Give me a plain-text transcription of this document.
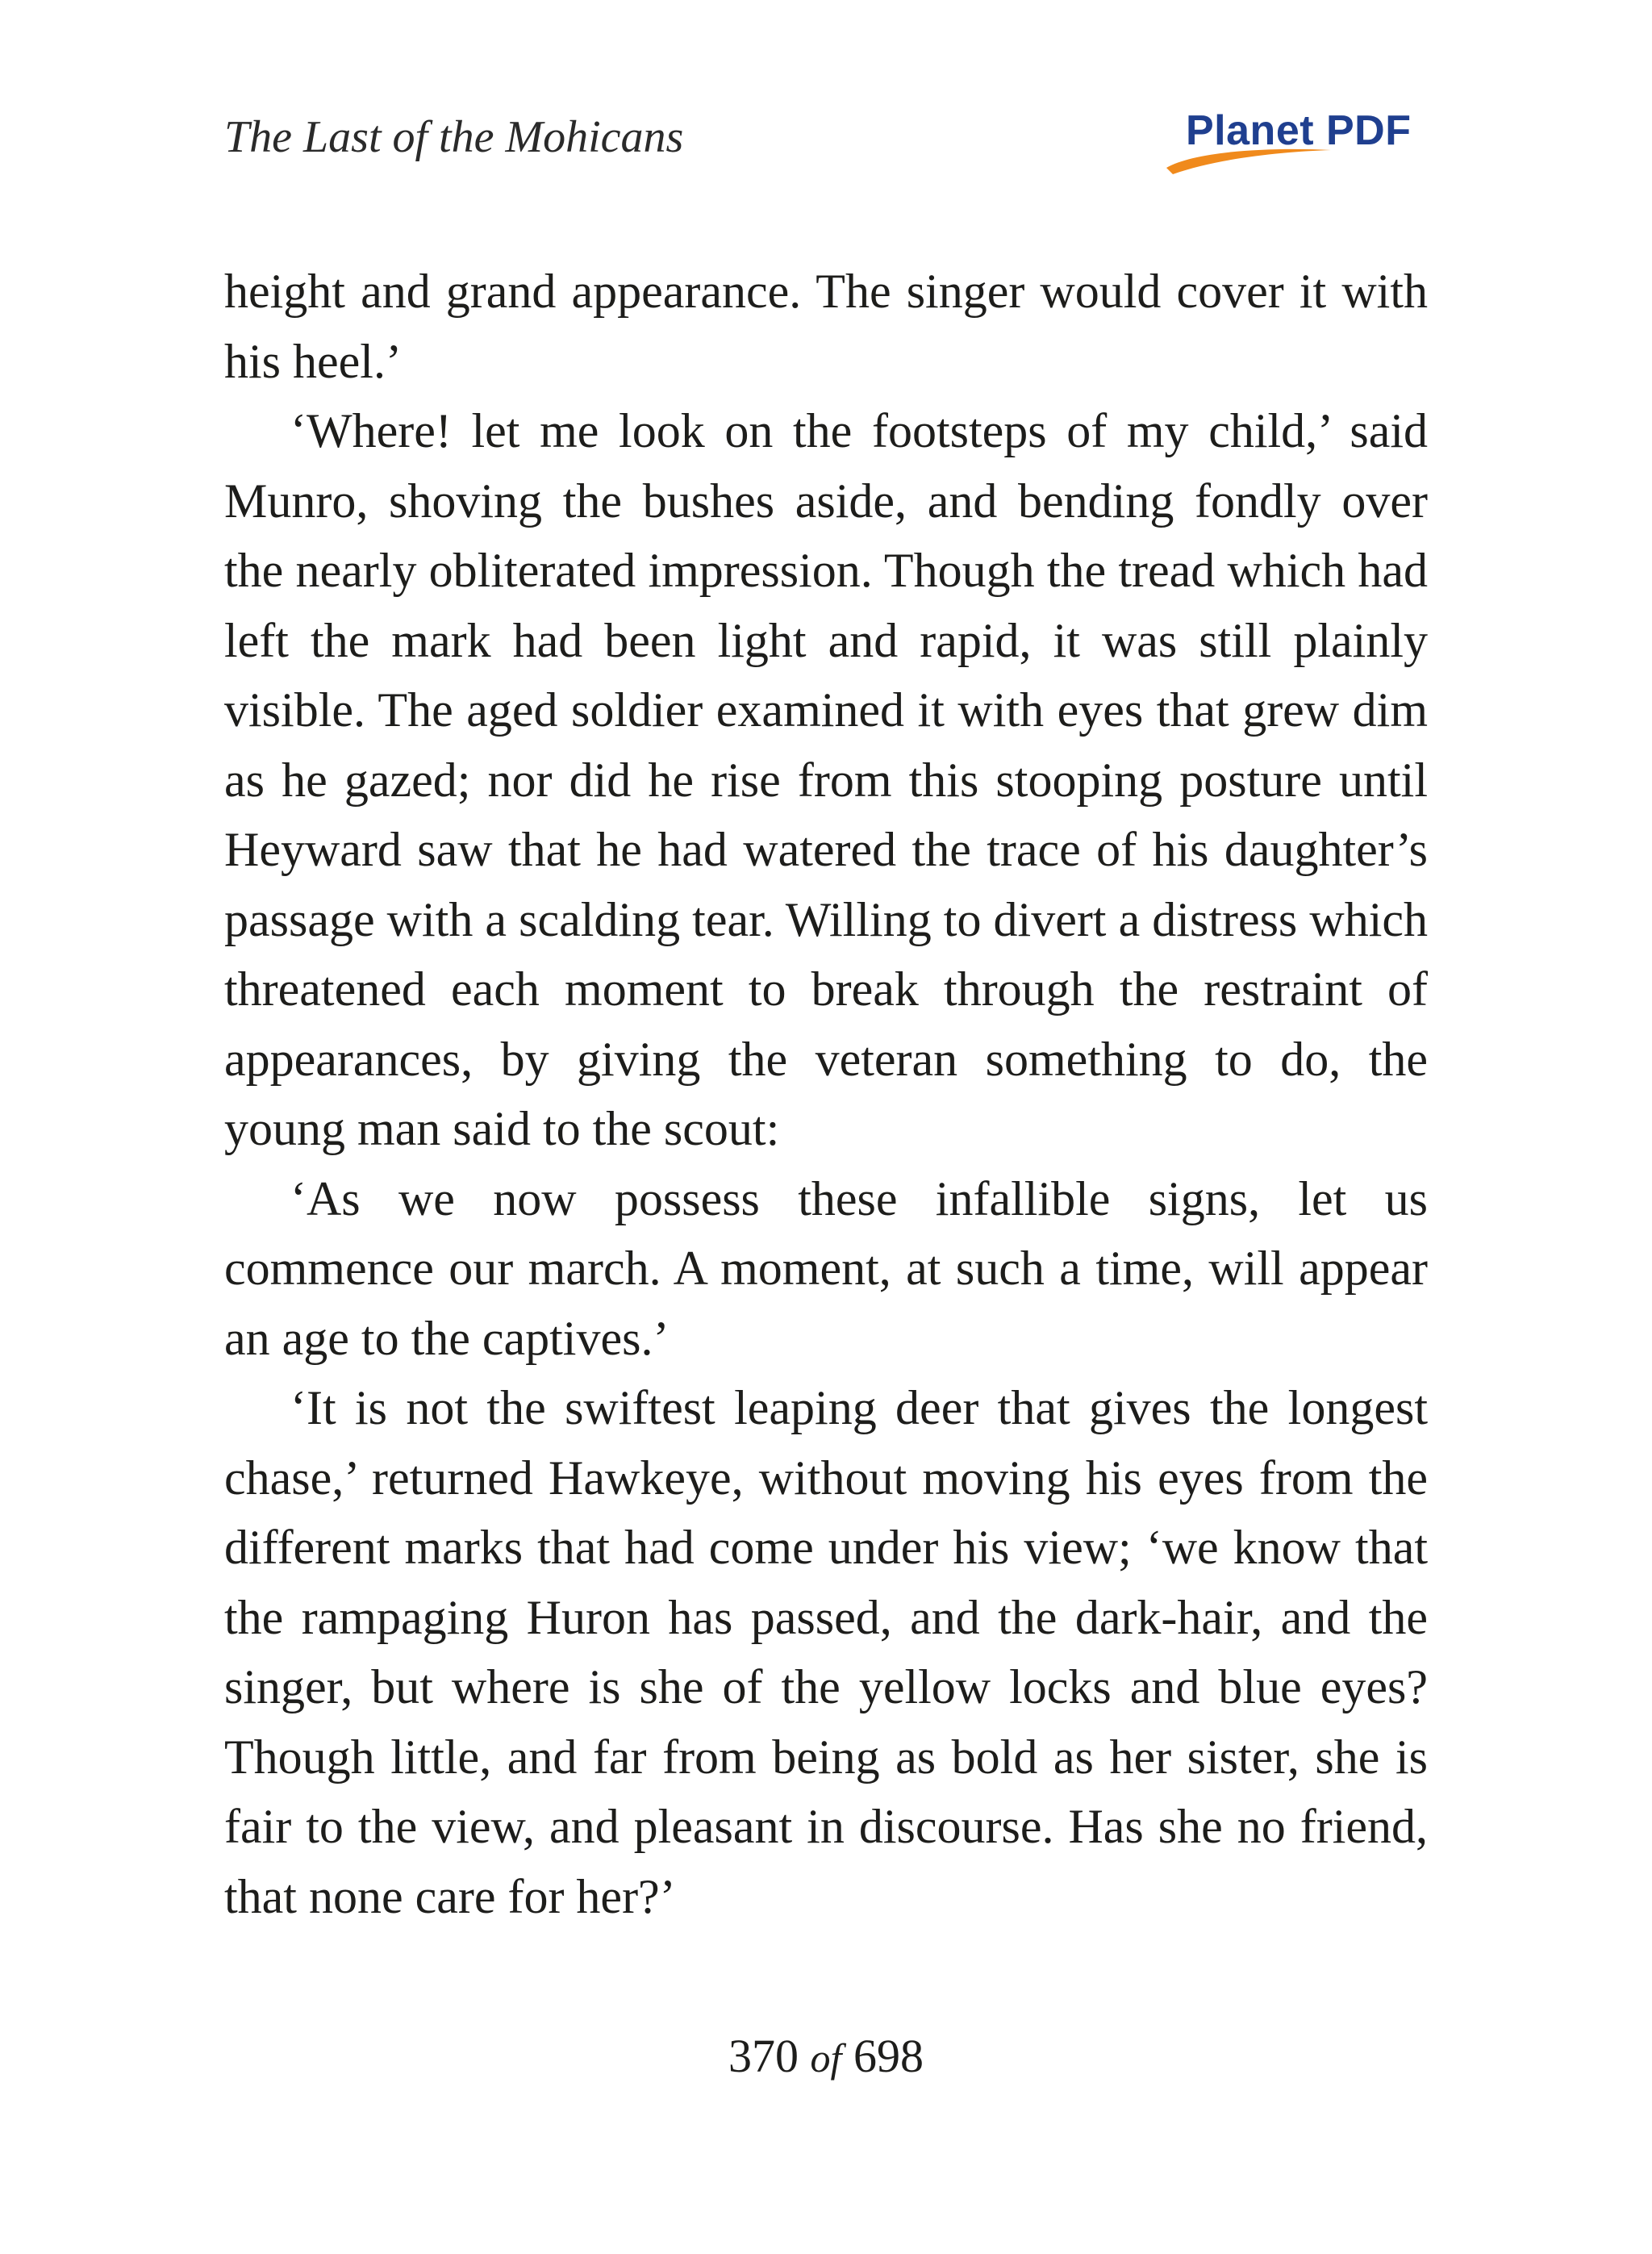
The Last of the Mohicans	Planet PDF

height and grand appearance. The singer would cover it with his heel.’

‘Where! let me look on the footsteps of my child,’ said Munro, shoving the bushes aside, and bending fondly over the nearly obliterated impression. Though the tread which had left the mark had been light and rapid, it was still plainly visible. The aged soldier examined it with eyes that grew dim as he gazed; nor did he rise from this stooping posture until Heyward saw that he had watered the trace of his daughter’s passage with a scalding tear. Willing to divert a distress which threatened each moment to break through the restraint of appearances, by giving the veteran something to do, the young man said to the scout:

‘As we now possess these infallible signs, let us commence our march. A moment, at such a time, will appear an age to the captives.’

‘It is not the swiftest leaping deer that gives the longest chase,’ returned Hawkeye, without moving his eyes from the different marks that had come under his view; ‘we know that the rampaging Huron has passed, and the dark-hair, and the singer, but where is she of the yellow locks and blue eyes? Though little, and far from being as bold as her sister, she is fair to the view, and pleasant in discourse. Has she no friend, that none care for her?’

370 of 698
